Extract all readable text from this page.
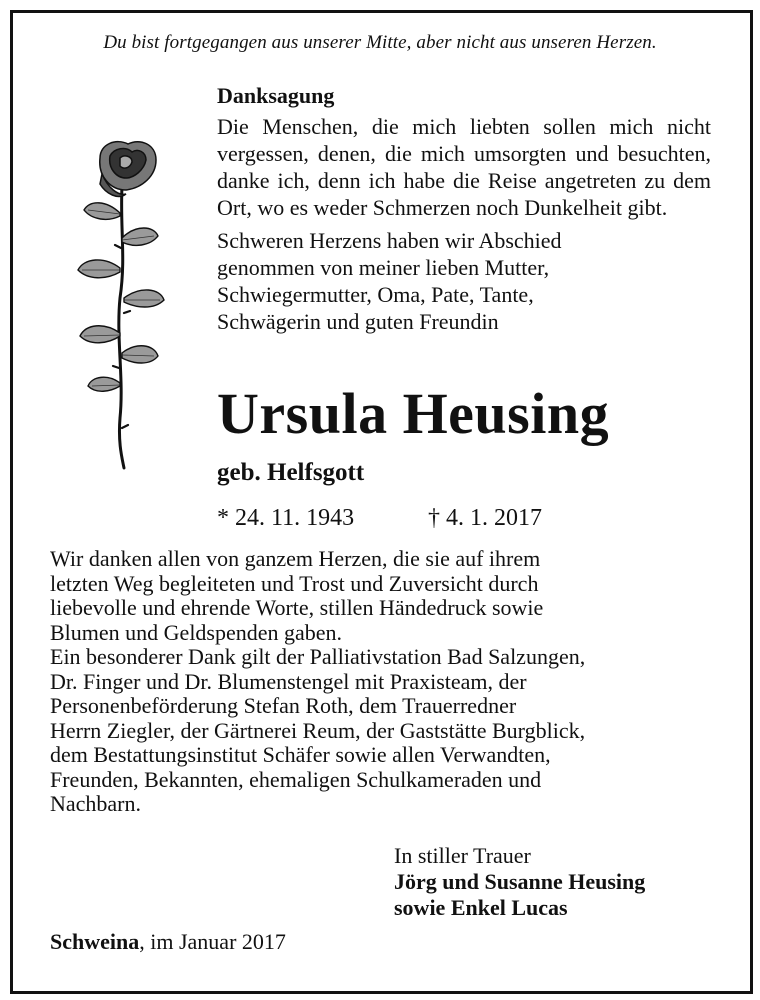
Du bist fortgegangen aus unserer Mitte, aber nicht aus unseren Herzen.
Danksagung
Die Menschen, die mich liebten sollen mich nicht vergessen, denen, die mich umsorgten und besuchten, danke ich, denn ich habe die Reise angetreten zu dem Ort, wo es weder Schmerzen noch Dunkelheit gibt.
Schweren Herzens haben wir Abschied
genommen von meiner lieben Mutter,
Schwiegermutter, Oma, Pate, Tante,
Schwägerin und guten Freundin
Ursula Heusing
geb. Helfsgott
* 24. 11. 1943	† 4. 1. 2017

Wir danken allen von ganzem Herzen, die sie auf ihrem

letzten Weg begleiteten und Trost und Zuversicht durch

liebevolle und ehrende Worte, stillen Händedruck sowie

Blumen und Geldspenden gaben.

Ein besonderer Dank gilt der Palliativstation Bad Salzungen,

Dr. Finger und Dr. Blumenstengel mit Praxisteam, der

Personenbeförderung Stefan Roth, dem Trauerredner

Herrn Ziegler, der Gärtnerei Reum, der Gaststätte Burgblick,

dem Bestattungsinstitut Schäfer sowie allen Verwandten,

Freunden, Bekannten, ehemaligen Schulkameraden und

Nachbarn.

In stiller Trauer
Jörg und Susanne Heusing
sowie Enkel Lucas
Schweina, im Januar 2017
